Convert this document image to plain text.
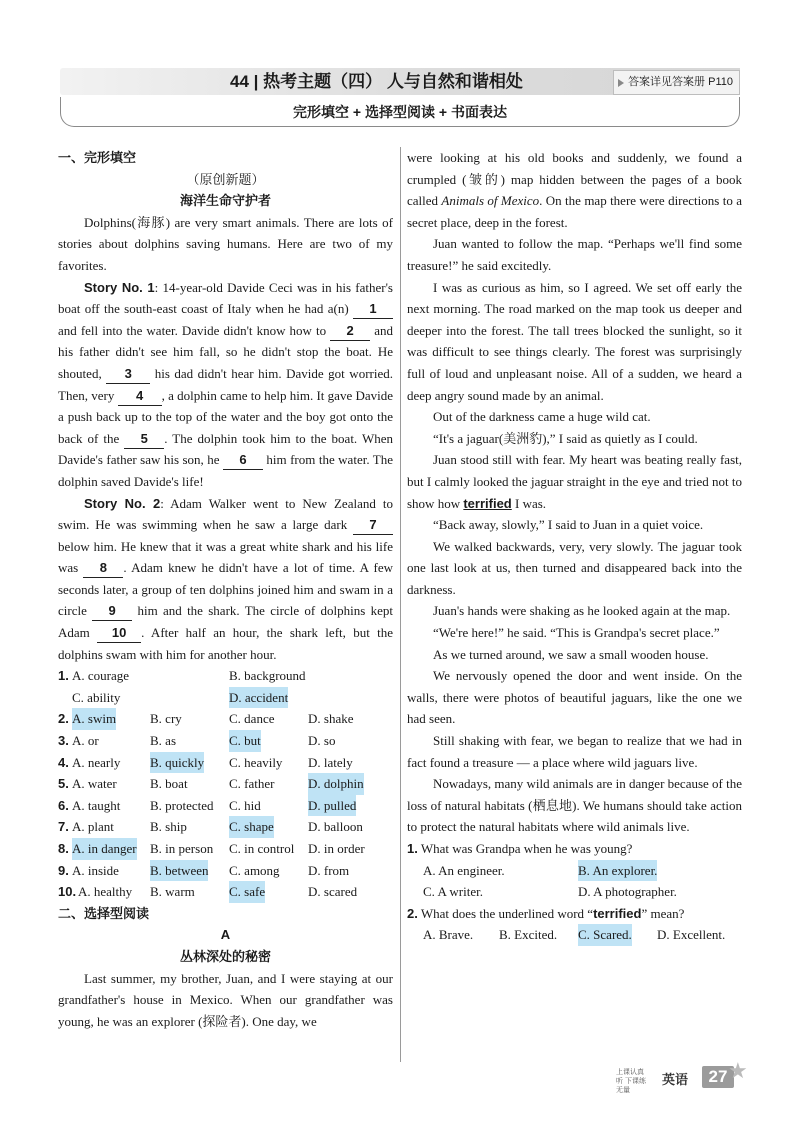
44 | 热考主题（四） 人与自然和谐相处	答案详见答案册 P110
完形填空 + 选择型阅读 + 书面表达

一、完形填空

（原创新题）

海洋生命守护者

Dolphins(海豚) are very smart animals. There are lots of stories about dolphins saving humans. Here are two of my favorites.

Story No. 1: 14-year-old Davide Ceci was in his father's boat off the south-east coast of Italy when he had a(n) 1 and fell into the water. Davide didn't know how to 2 and his father didn't see him fall, so he didn't stop the boat. He shouted, 3 his dad didn't hear him. Davide got worried. Then, very 4 , a dolphin came to help him. It gave Davide a push back up to the top of the water and the boy got onto the back of the 5 . The dolphin took him to the boat. When Davide's father saw his son, he 6 him from the water. The dolphin saved Davide's life!

Story No. 2: Adam Walker went to New Zealand to swim. He was swimming when he saw a large dark 7 below him. He knew that it was a great white shark and his life was 8 . Adam knew he didn't have a lot of time. A few seconds later, a group of ten dolphins joined him and swam in a circle 9 him and the shark. The circle of dolphins kept Adam 10 . After half an hour, the shark left, but the dolphins swam with him for another hour.

1. A. courage	B. background
C. ability	D. accident
2. A. swim	B. cry	C. dance	D. shake
3. A. or	B. as	C. but	D. so
4. A. nearly B. quickly C. heavily D. lately
5. A. water	B. boat	C. father	D. dolphin
6. A. taught B. protected C. hid	D. pulled
7. A. plant	B. ship	C. shape	D. balloon
8. A. in danger B. in person C. in control D. in order
9. A. inside B. between C. among D. from
10. A. healthy B. warm	C. safe	D. scared

二、选择型阅读

A

丛林深处的秘密

Last summer, my brother, Juan, and I were staying at our grandfather's house in Mexico. When our grandfather was young, he was an explorer (探险者). One day, we

were looking at his old books and suddenly, we found a crumpled (皱的) map hidden between the pages of a book called Animals of Mexico. On the map there were directions to a secret place, deep in the forest.

Juan wanted to follow the map. “Perhaps we'll find some treasure!” he said excitedly.

I was as curious as him, so I agreed. We set off early the next morning. The road marked on the map took us deeper and deeper into the forest. The tall trees blocked the sunlight, so it was difficult to see things clearly. The forest was surprisingly full of loud and unpleasant noise. All of a sudden, we heard a deep angry sound made by an animal.

Out of the darkness came a huge wild cat.

“It's a jaguar(美洲豹),” I said as quietly as I could.

Juan stood still with fear. My heart was beating really fast, but I calmly looked the jaguar straight in the eye and tried not to show how terrified I was.

“Back away, slowly,” I said to Juan in a quiet voice.

We walked backwards, very, very slowly. The jaguar took one last look at us, then turned and disappeared back into the darkness.

Juan's hands were shaking as he looked again at the map.

“We're here!” he said. “This is Grandpa's secret place.”

As we turned around, we saw a small wooden house.

We nervously opened the door and went inside. On the walls, there were photos of beautiful jaguars, like the one we had seen.

Still shaking with fear, we began to realize that we had in fact found a treasure — a place where wild jaguars live.

Nowadays, many wild animals are in danger because of the loss of natural habitats (栖息地). We humans should take action to protect the natural habitats where wild animals live.

1. What was Grandpa when he was young?

A. An engineer.	B. An explorer.
C. A writer.	D. A photographer.

2. What does the underlined word “terrified” mean?

A. Brave. B. Excited. C. Scared. D. Excellent.
上课认真听 下课练无量
英语	27 ★
